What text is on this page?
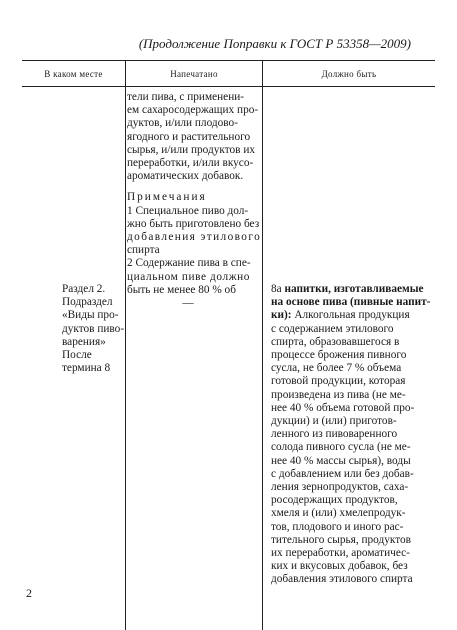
(Продолжение Поправки к ГОСТ Р 53358—2009)
В каком месте	Напечатано	Должно быть
Раздел 2.
Подраздел
«Виды про-
дуктов пиво-
варения»
После
термина 8
тели пива, с применени-
ем сахаросодержащих про-
дуктов, и/или плодово-
ягодного и растительного
сырья, и/или продуктов их
переработки, и/или вкусо-
ароматических добавок.
Примечания
1 Специальное пиво дол-
жно быть приготовлено без
добавления этилового
спирта
2 Содержание пива в спе-
циальном пиве должно
быть не менее 80 % об
—
8а напитки, изготавливаемые
на основе пива (пивные напит-
ки): Алкогольная продукция
с содержанием этилового
спирта, образовавшегося в
процессе брожения пивного
сусла, не более 7 % объема
готовой продукции, которая
произведена из пива (не ме-
нее 40 % объема готовой про-
дукции) и (или) приготов-
ленного из пивоваренного
солода пивного сусла (не ме-
нее 40 % массы сырья), воды
с добавлением или без добав-
ления зернопродуктов, саха-
росодержащих продуктов,
хмеля и (или) хмелепродук-
тов, плодового и иного рас-
тительного сырья, продуктов
их переработки, ароматичес-
ких и вкусовых добавок, без
добавления этилового спирта
2
